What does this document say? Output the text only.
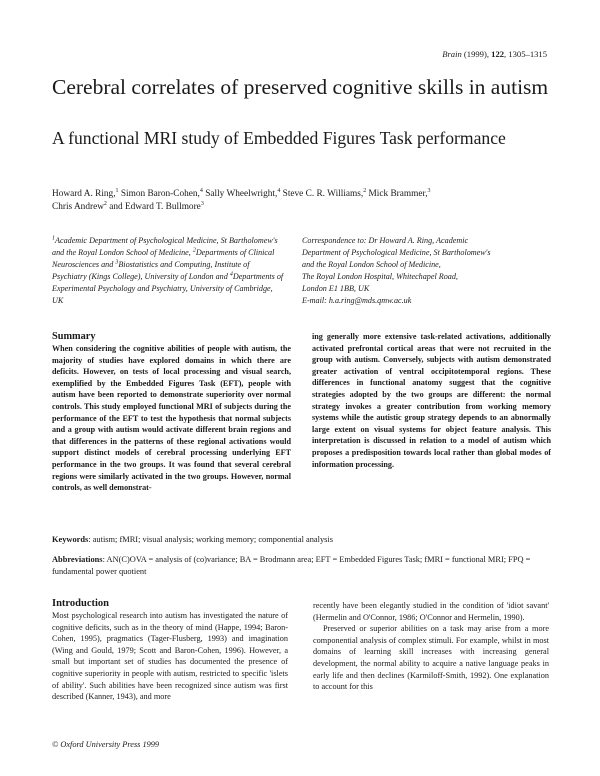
Brain (1999), 122, 1305–1315
Cerebral correlates of preserved cognitive skills in autism
A functional MRI study of Embedded Figures Task performance
Howard A. Ring,$^1$ Simon Baron-Cohen,$^4$ Sally Wheelwright,$^4$ Steve C. R. Williams,$^2$ Mick Brammer,$^3$
Chris Andrew$^2$ and Edward T. Bullmore$^3$
$^1$Academic Department of Psychological Medicine, St Bartholomew's and the Royal London School of Medicine, $^2$Departments of Clinical Neurosciences and $^3$Biostatistics and Computing, Institute of Psychiatry (Kings College), University of London and $^4$Departments of Experimental Psychology and Psychiatry, University of Cambridge, UK
Correspondence to: Dr Howard A. Ring, Academic
Department of Psychological Medicine, St Bartholomew's
and the Royal London School of Medicine,
The Royal London Hospital, Whitechapel Road,
London E1 1BB, UK
E-mail: h.a.ring@mds.qmw.ac.uk
Summary
When considering the cognitive abilities of people with autism, the majority of studies have explored domains in which there are deficits. However, on tests of local processing and visual search, exemplified by the Embedded Figures Task (EFT), people with autism have been reported to demonstrate superiority over normal controls. This study employed functional MRI of subjects during the performance of the EFT to test the hypothesis that normal subjects and a group with autism would activate different brain regions and that differences in the patterns of these regional activations would support distinct models of cerebral processing underlying EFT performance in the two groups. It was found that several cerebral regions were similarly activated in the two groups. However, normal controls, as well demonstrat-
ing generally more extensive task-related activations, additionally activated prefrontal cortical areas that were not recruited in the group with autism. Conversely, subjects with autism demonstrated greater activation of ventral occipitotemporal regions. These differences in functional anatomy suggest that the cognitive strategies adopted by the two groups are different: the normal strategy invokes a greater contribution from working memory systems while the autistic group strategy depends to an abnormally large extent on visual systems for object feature analysis. This interpretation is discussed in relation to a model of autism which proposes a predisposition towards local rather than global modes of information processing.
Keywords: autism; fMRI; visual analysis; working memory; componential analysis
Abbreviations: AN(C)OVA = analysis of (co)variance; BA = Brodmann area; EFT = Embedded Figures Task; fMRI = functional MRI; FPQ = fundamental power quotient
Introduction

Most psychological research into autism has investigated the nature of cognitive deficits, such as in the theory of mind (Happe, 1994; Baron-Cohen, 1995), pragmatics (Tager-Flusberg, 1993) and imagination (Wing and Gould, 1979; Scott and Baron-Cohen, 1996). However, a small but important set of studies has documented the presence of cognitive superiority in people with autism, restricted to specific 'islets of ability'. Such abilities have been recognized since autism was first described (Kanner, 1943), and more

recently have been elegantly studied in the condition of 'idiot savant' (Hermelin and O'Connor, 1986; O'Connor and Hermelin, 1990).

Preserved or superior abilities on a task may arise from a more componential analysis of complex stimuli. For example, whilst in most domains of learning skill increases with increasing general development, the normal ability to acquire a native language peaks in early life and then declines (Karmiloff-Smith, 1992). One explanation to account for this

© Oxford University Press 1999
